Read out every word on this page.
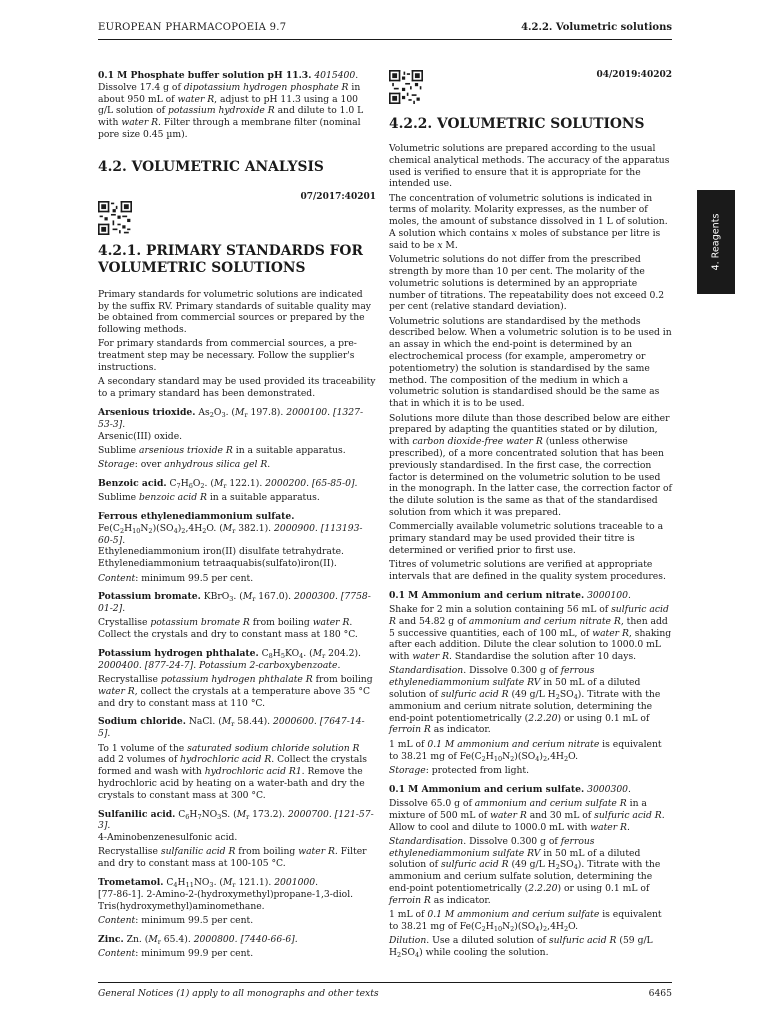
EUROPEAN PHARMACOPOEIA 9.7	4.2.2. Volumetric solutions
4. Reagents

0.1 M Phosphate buffer solution pH 11.3. 4015400.
Dissolve 17.4 g of dipotassium hydrogen phosphate R in about 950 mL of water R, adjust to pH 11.3 using a 100 g/L solution of potassium hydroxide R and dilute to 1.0 L with water R. Filter through a membrane filter (nominal pore size 0.45 µm).

4.2. VOLUMETRIC ANALYSIS
07/2017:40201
4.2.1. PRIMARY STANDARDS FOR VOLUMETRIC SOLUTIONS

Primary standards for volumetric solutions are indicated by the suffix RV. Primary standards of suitable quality may be obtained from commercial sources or prepared by the following methods.

For primary standards from commercial sources, a pre-treatment step may be necessary. Follow the supplier's instructions.

A secondary standard may be used provided its traceability to a primary standard has been demonstrated.

Arsenious trioxide. $As_2O_3$. ($M_r$ 197.8). 2000100. [1327-53-3].
Arsenic(III) oxide.

Sublime arsenious trioxide R in a suitable apparatus.

Storage: over anhydrous silica gel R.

Benzoic acid. $C_7H_6O_2$. ($M_r$ 122.1). 2000200. [65-85-0].

Sublime benzoic acid R in a suitable apparatus.

Ferrous ethylenediammonium sulfate.
$Fe(C_2H_{10}N_2)(SO_4)_2,4H_2O$. ($M_r$ 382.1). 2000900. [113193-60-5].
Ethylenediammonium iron(II) disulfate tetrahydrate.
Ethylenediammonium tetraaquabis(sulfato)iron(II).

Content: minimum 99.5 per cent.

Potassium bromate. KBrO$_3$. ($M_r$ 167.0). 2000300. [7758-01-2].

Crystallise potassium bromate R from boiling water R. Collect the crystals and dry to constant mass at 180 °C.

Potassium hydrogen phthalate. $C_8H_5KO_4$. ($M_r$ 204.2). 2000400. [877-24-7]. Potassium 2-carboxybenzoate.

Recrystallise potassium hydrogen phthalate R from boiling water R, collect the crystals at a temperature above 35 °C and dry to constant mass at 110 °C.

Sodium chloride. NaCl. ($M_r$ 58.44). 2000600. [7647-14-5].

To 1 volume of the saturated sodium chloride solution R add 2 volumes of hydrochloric acid R. Collect the crystals formed and wash with hydrochloric acid R1. Remove the hydrochloric acid by heating on a water-bath and dry the crystals to constant mass at 300 °C.

Sulfanilic acid. $C_6H_7NO_3S$. ($M_r$ 173.2). 2000700. [121-57-3].
4-Aminobenzenesulfonic acid.

Recrystallise sulfanilic acid R from boiling water R. Filter and dry to constant mass at 100-105 °C.

Trometamol. $C_4H_{11}NO_3$. ($M_r$ 121.1). 2001000.
[77-86-1]. 2-Amino-2-(hydroxymethyl)propane-1,3-diol. Tris(hydroxymethyl)aminomethane.

Content: minimum 99.5 per cent.

Zinc. Zn. ($M_r$ 65.4). 2000800. [7440-66-6].

Content: minimum 99.9 per cent.

04/2019:40202
4.2.2. VOLUMETRIC SOLUTIONS

Volumetric solutions are prepared according to the usual chemical analytical methods. The accuracy of the apparatus used is verified to ensure that it is appropriate for the intended use.

The concentration of volumetric solutions is indicated in terms of molarity. Molarity expresses, as the number of moles, the amount of substance dissolved in 1 L of solution. A solution which contains x moles of substance per litre is said to be x M.

Volumetric solutions do not differ from the prescribed strength by more than 10 per cent. The molarity of the volumetric solutions is determined by an appropriate number of titrations. The repeatability does not exceed 0.2 per cent (relative standard deviation).

Volumetric solutions are standardised by the methods described below. When a volumetric solution is to be used in an assay in which the end-point is determined by an electrochemical process (for example, amperometry or potentiometry) the solution is standardised by the same method. The composition of the medium in which a volumetric solution is standardised should be the same as that in which it is to be used.

Solutions more dilute than those described below are either prepared by adapting the quantities stated or by dilution, with carbon dioxide-free water R (unless otherwise prescribed), of a more concentrated solution that has been previously standardised. In the first case, the correction factor is determined on the volumetric solution to be used in the monograph. In the latter case, the correction factor of the dilute solution is the same as that of the standardised solution from which it was prepared.

Commercially available volumetric solutions traceable to a primary standard may be used provided their titre is determined or verified prior to first use.

Titres of volumetric solutions are verified at appropriate intervals that are defined in the quality system procedures.

0.1 M Ammonium and cerium nitrate. 3000100.

Shake for 2 min a solution containing 56 mL of sulfuric acid R and 54.82 g of ammonium and cerium nitrate R, then add 5 successive quantities, each of 100 mL, of water R, shaking after each addition. Dilute the clear solution to 1000.0 mL with water R. Standardise the solution after 10 days.

Standardisation. Dissolve 0.300 g of ferrous ethylenediammonium sulfate RV in 50 mL of a diluted solution of sulfuric acid R (49 g/L $H_2SO_4$). Titrate with the ammonium and cerium nitrate solution, determining the end-point potentiometrically (2.2.20) or using 0.1 mL of ferroin R as indicator.

1 mL of 0.1 M ammonium and cerium nitrate is equivalent to 38.21 mg of $Fe(C_2H_{10}N_2)(SO_4)_2,4H_2O$.

Storage: protected from light.

0.1 M Ammonium and cerium sulfate. 3000300.

Dissolve 65.0 g of ammonium and cerium sulfate R in a mixture of 500 mL of water R and 30 mL of sulfuric acid R. Allow to cool and dilute to 1000.0 mL with water R.

Standardisation. Dissolve 0.300 g of ferrous ethylenediammonium sulfate RV in 50 mL of a diluted solution of sulfuric acid R (49 g/L $H_2SO_4$). Titrate with the ammonium and cerium sulfate solution, determining the end-point potentiometrically (2.2.20) or using 0.1 mL of ferroin R as indicator.

1 mL of 0.1 M ammonium and cerium sulfate is equivalent to 38.21 mg of $Fe(C_2H_{10}N_2)(SO_4)_2,4H_2O$.

Dilution. Use a diluted solution of sulfuric acid R (59 g/L $H_2SO_4$) while cooling the solution.

General Notices (1) apply to all monographs and other texts	6465
